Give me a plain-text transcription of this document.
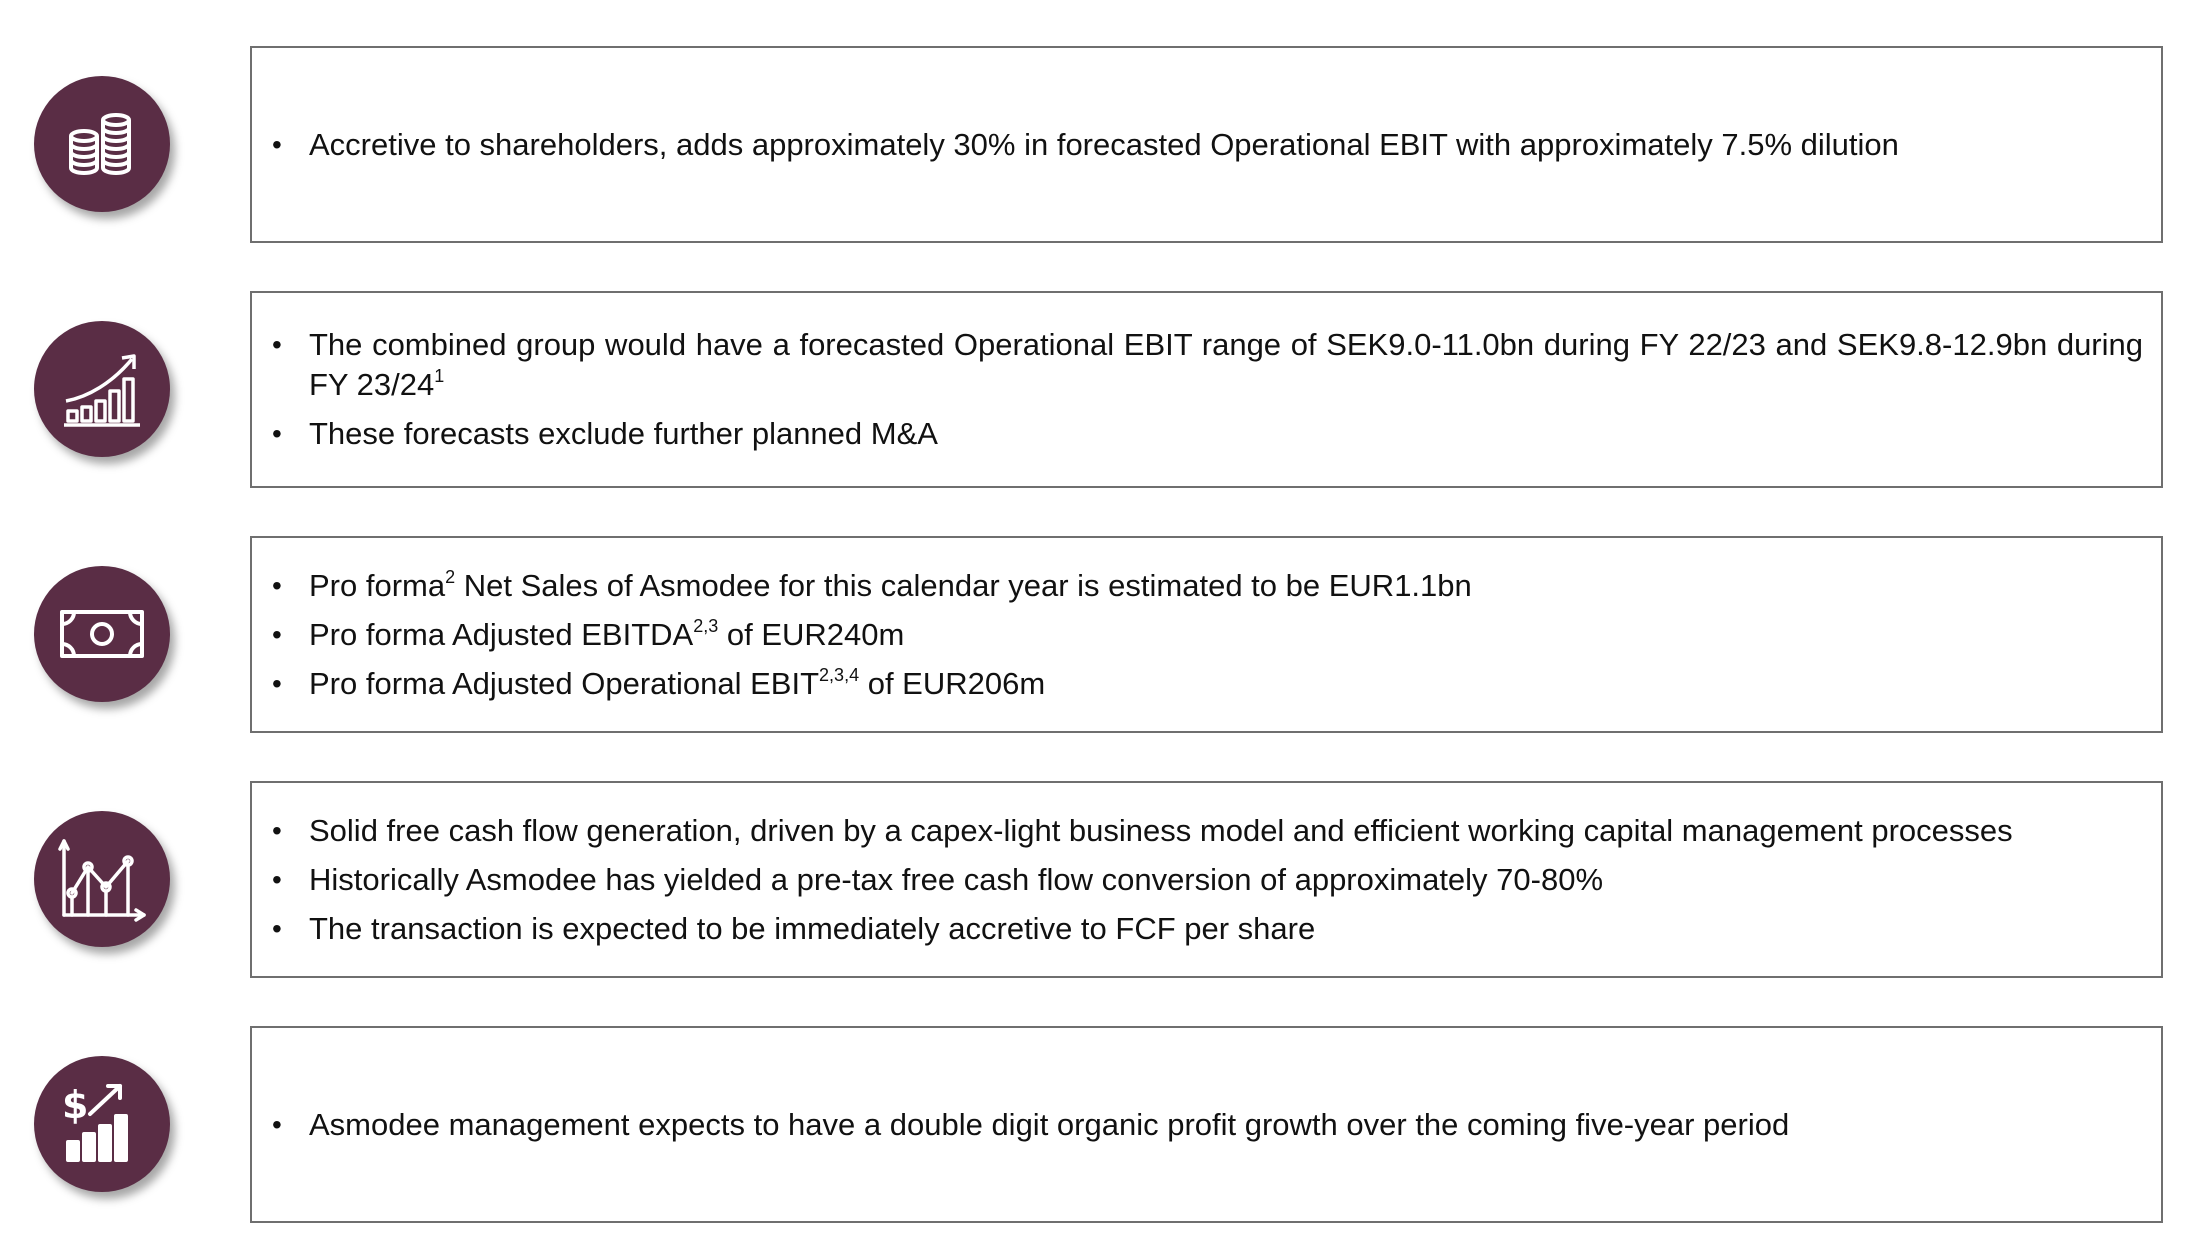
• Accretive to shareholders, adds approximately 30% in forecasted Operational EBIT with approximately 7.5% dilution
• The combined group would have a forecasted Operational EBIT range of SEK9.0-11.0bn during FY 22/23 and SEK9.8-12.9bn during FY $23/24^1$
• These forecasts exclude further planned M&A
• Pro forma$^2$ Net Sales of Asmodee for this calendar year is estimated to be EUR1.1bn
• Pro forma Adjusted EBITDA$^{2,3}$ of EUR240m
• Pro forma Adjusted Operational EBIT$^{2,3,4}$ of EUR206m
• Solid free cash flow generation, driven by a capex-light business model and efficient working capital management processes
• Historically Asmodee has yielded a pre-tax free cash flow conversion of approximately 70-80%
• The transaction is expected to be immediately accretive to FCF per share
$
•	Asmodee management expects to have a double digit organic profit growth over the coming five-year period
